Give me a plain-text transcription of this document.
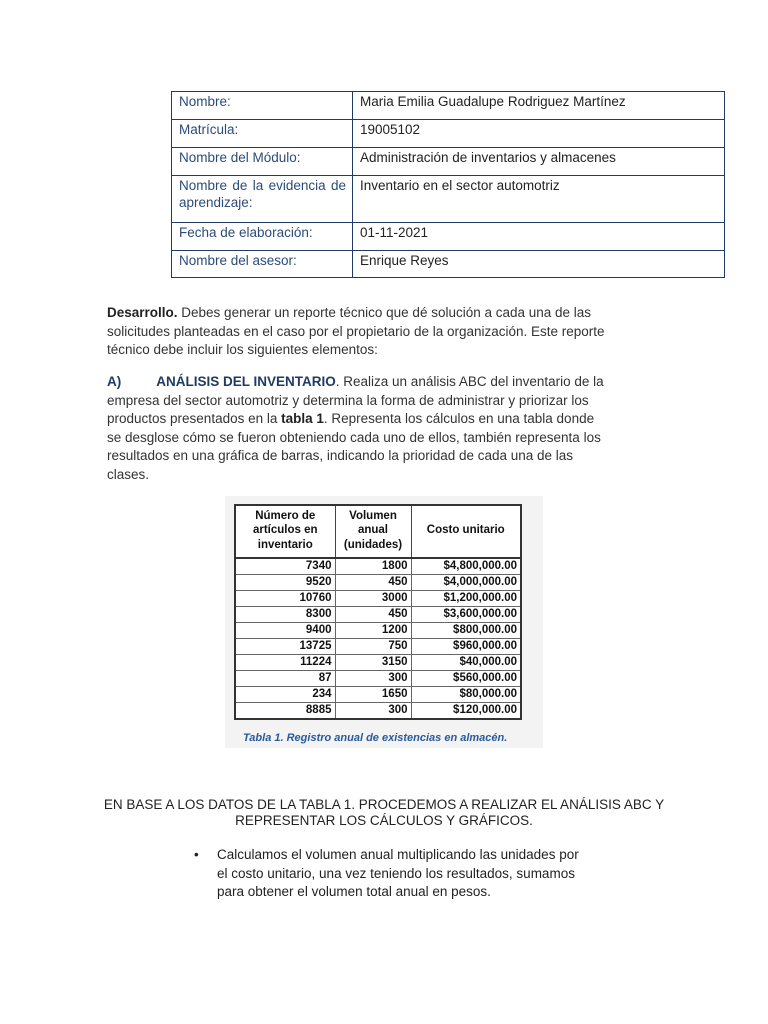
Nombre:	Maria Emilia Guadalupe Rodriguez Martínez
Matrícula:	19005102
Nombre del Módulo:	Administración de inventarios y almacenes
Nombre de la evidencia de aprendizaje:	Inventario en el sector automotriz
Fecha de elaboración:	01-11-2021
Nombre del asesor:	Enrique Reyes
Desarrollo. Debes generar un reporte técnico que dé solución a cada una de las solicitudes planteadas en el caso por el propietario de la organización. Este reporte técnico debe incluir los siguientes elementos:
A)	ANÁLISIS DEL INVENTARIO. Realiza un análisis ABC del inventario de la empresa del sector automotriz y determina la forma de administrar y priorizar los productos presentados en la tabla 1. Representa los cálculos en una tabla donde se desglose cómo se fueron obteniendo cada uno de ellos, también representa los resultados en una gráfica de barras, indicando la prioridad de cada una de las clases.
Número de artículos en inventario	Volumen anual (unidades)	Costo unitario
7340	1800	$4,800,000.00
9520	450	$4,000,000.00
10760	3000	$1,200,000.00
8300	450	$3,600,000.00
9400	1200	$800,000.00
13725	750	$960,000.00
11224	3150	$40,000.00
87	300	$560,000.00
234	1650	$80,000.00
8885	300	$120,000.00
Tabla 1. Registro anual de existencias en almacén.
EN BASE A LOS DATOS DE LA TABLA 1. PROCEDEMOS A REALIZAR EL ANÁLISIS ABC Y REPRESENTAR LOS CÁLCULOS Y GRÁFICOS.
• Calculamos el volumen anual multiplicando las unidades por el costo unitario, una vez teniendo los resultados, sumamos para obtener el volumen total anual en pesos.
